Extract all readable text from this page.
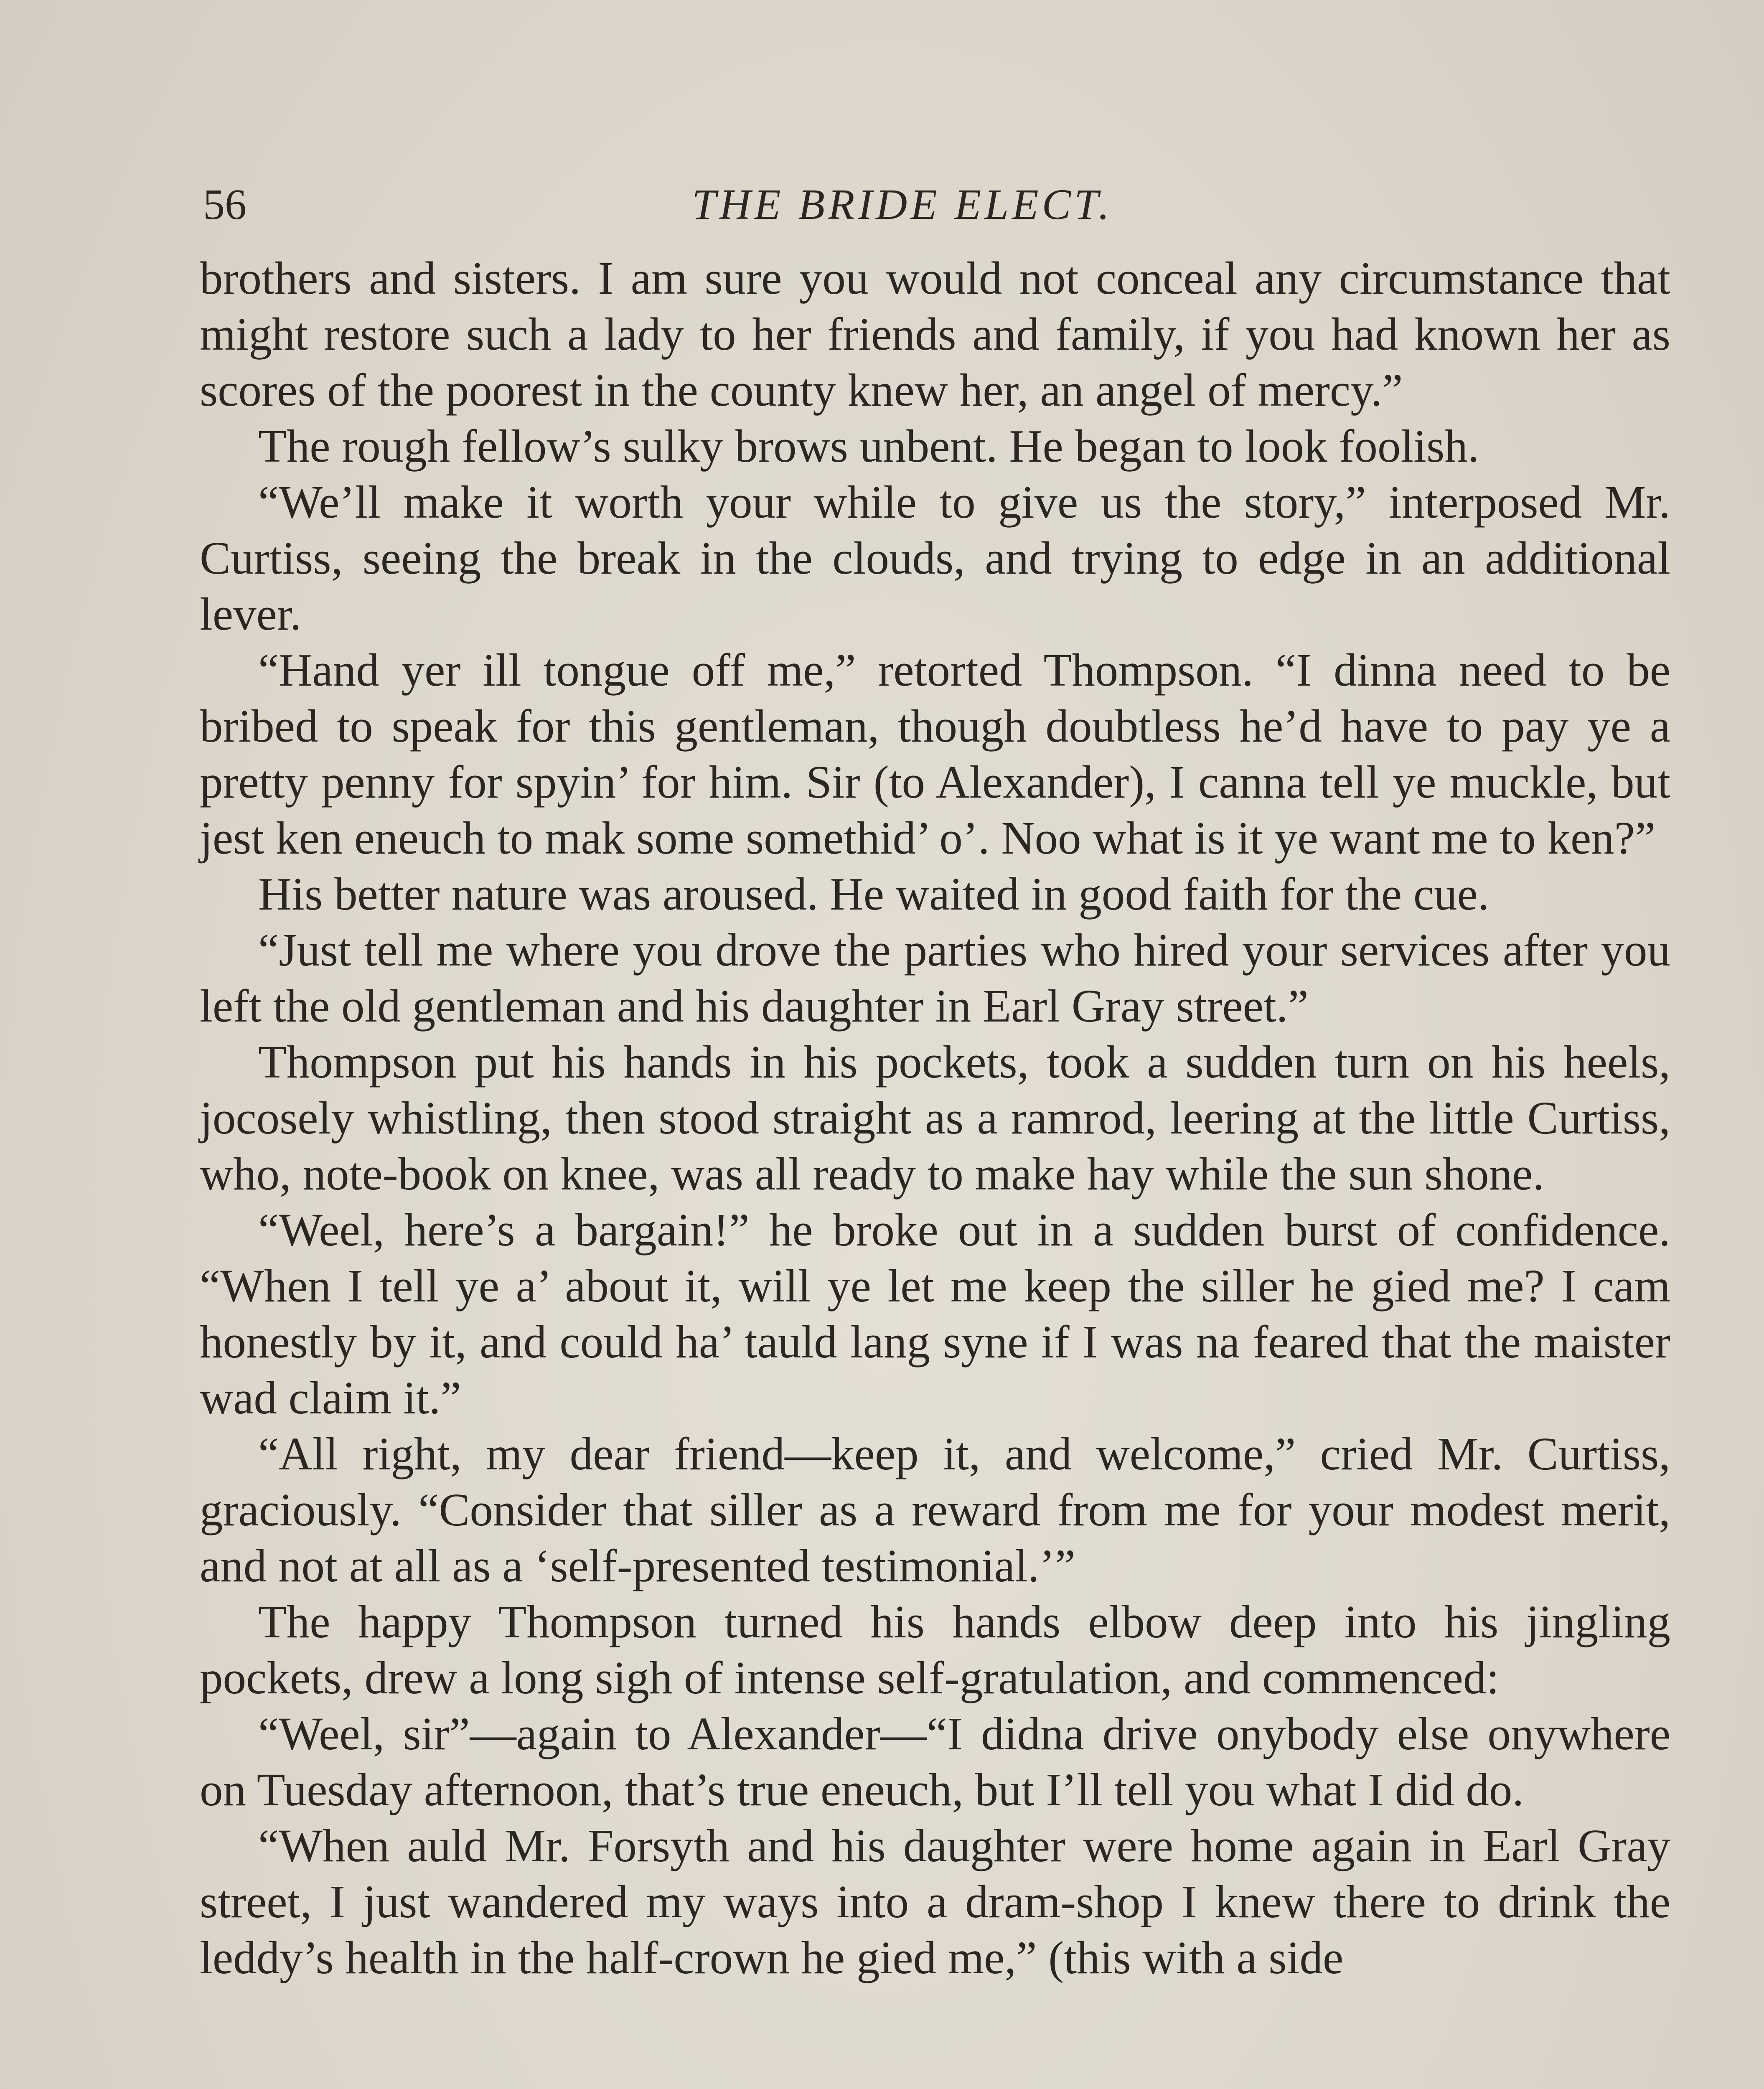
56	THE BRIDE ELECT.

brothers and sisters. I am sure you would not conceal any circumstance that might restore such a lady to her friends and family, if you had known her as scores of the poorest in the county knew her, an angel of mercy.”

The rough fellow’s sulky brows unbent. He began to look foolish.

“We’ll make it worth your while to give us the story,” interposed Mr. Curtiss, seeing the break in the clouds, and trying to edge in an additional lever.

“Hand yer ill tongue off me,” retorted Thompson. “I dinna need to be bribed to speak for this gentleman, though doubtless he’d have to pay ye a pretty penny for spyin’ for him. Sir (to Alexander), I canna tell ye muckle, but jest ken eneuch to mak some somethid’ o’. Noo what is it ye want me to ken?”

His better nature was aroused. He waited in good faith for the cue.

“Just tell me where you drove the parties who hired your services after you left the old gentleman and his daughter in Earl Gray street.”

Thompson put his hands in his pockets, took a sudden turn on his heels, jocosely whistling, then stood straight as a ramrod, leering at the little Curtiss, who, note-book on knee, was all ready to make hay while the sun shone.

“Weel, here’s a bargain!” he broke out in a sudden burst of confidence. “When I tell ye a’ about it, will ye let me keep the siller he gied me? I cam honestly by it, and could ha’ tauld lang syne if I was na feared that the maister wad claim it.”

“All right, my dear friend—keep it, and welcome,” cried Mr. Curtiss, graciously. “Consider that siller as a reward from me for your modest merit, and not at all as a ‘self-presented testimonial.’”

The happy Thompson turned his hands elbow deep into his jingling pockets, drew a long sigh of intense self-gratulation, and commenced:

“Weel, sir”—again to Alexander—“I didna drive onybody else onywhere on Tuesday afternoon, that’s true eneuch, but I’ll tell you what I did do.

“When auld Mr. Forsyth and his daughter were home again in Earl Gray street, I just wandered my ways into a dram-shop I knew there to drink the leddy’s health in the half-crown he gied me,” (this with a side
